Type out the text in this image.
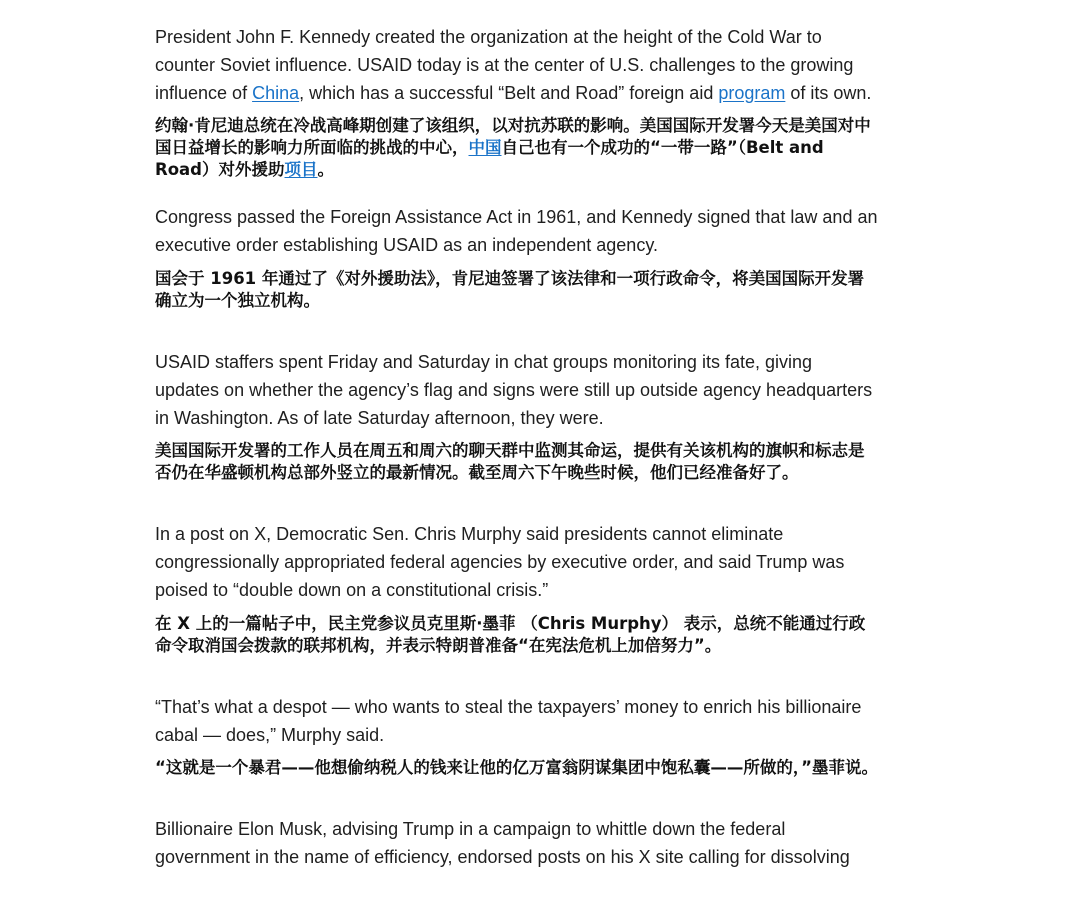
President John F. Kennedy created the organization at the height of the Cold War to counter Soviet influence. USAID today is at the center of U.S. challenges to the growing influence of China, which has a successful “Belt and Road” foreign aid program of its own.

约翰·肯尼迪总统在冷战高峰期创建了该组织，以对抗苏联的影响。美国国际开发署今天是美国对中国日益增长的影响力所面临的挑战的中心，中国自己也有一个成功的“一带一路”（Belt and Road）对外援助项目。

Congress passed the Foreign Assistance Act in 1961, and Kennedy signed that law and an executive order establishing USAID as an independent agency.

国会于 1961 年通过了《对外援助法》，肯尼迪签署了该法律和一项行政命令，将美国国际开发署确立为一个独立机构。

USAID staffers spent Friday and Saturday in chat groups monitoring its fate, giving updates on whether the agency’s flag and signs were still up outside agency headquarters in Washington. As of late Saturday afternoon, they were.

美国国际开发署的工作人员在周五和周六的聊天群中监测其命运，提供有关该机构的旗帜和标志是否仍在华盛顿机构总部外竖立的最新情况。截至周六下午晚些时候，他们已经准备好了。

In a post on X, Democratic Sen. Chris Murphy said presidents cannot eliminate congressionally appropriated federal agencies by executive order, and said Trump was poised to “double down on a constitutional crisis.”

在 X 上的一篇帖子中，民主党参议员克里斯·墨菲 （Chris Murphy） 表示，总统不能通过行政命令取消国会拨款的联邦机构，并表示特朗普准备“在宪法危机上加倍努力”。

“That’s what a despot — who wants to steal the taxpayers’ money to enrich his billionaire cabal — does,” Murphy said.

“这就是一个暴君——他想偷纳税人的钱来让他的亿万富翁阴谋集团中饱私囊——所做的，”墨菲说。

Billionaire Elon Musk, advising Trump in a campaign to whittle down the federal government in the name of efficiency, endorsed posts on his X site calling for dissolving
